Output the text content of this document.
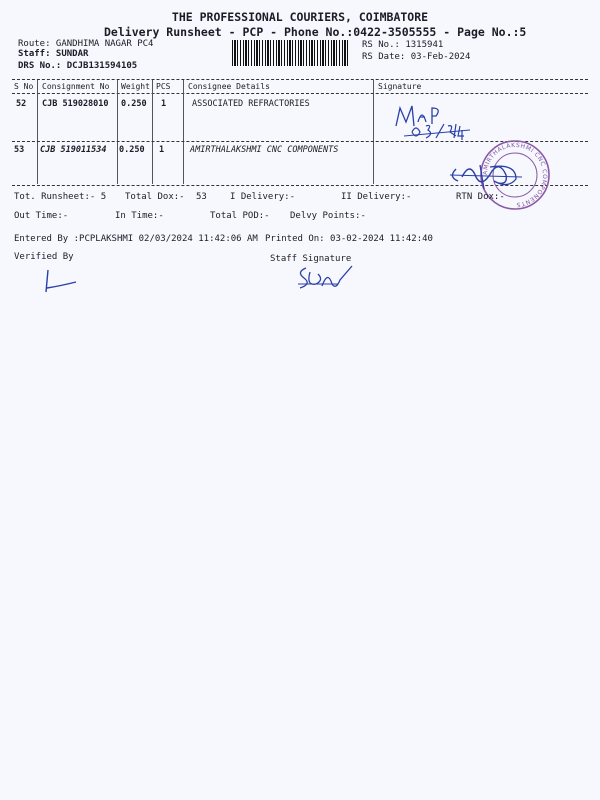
THE PROFESSIONAL COURIERS, COIMBATORE
Delivery Runsheet - PCP - Phone No.:0422-3505555 - Page No.:5
Route: GANDHIMA NAGAR PC4
Staff: SUNDAR
DRS No.: DCJB131594105
RS No.: 1315941
RS Date: 03-Feb-2024
S No Consignment No Weight PCS Consignee Details	Signature
52 CJB 519028010 0.250 1	ASSOCIATED REFRACTORIES
53 CJB 519011534 0.250 1	AMIRTHALAKSHMI CNC COMPONENTS
AMIRTHALAKSHMI CNC COMPONENTS
Tot. Runsheet:- 5 Total Dox:- 53	I Delivery:-	II Delivery:-	RTN Dox:-
Out Time:-	In Time:-	Total POD:- Delvy Points:-
Entered By :PCPLAKSHMI 02/03/2024 11:42:06 AM Printed On: 03-02-2024 11:42:40
Verified By	Staff Signature
